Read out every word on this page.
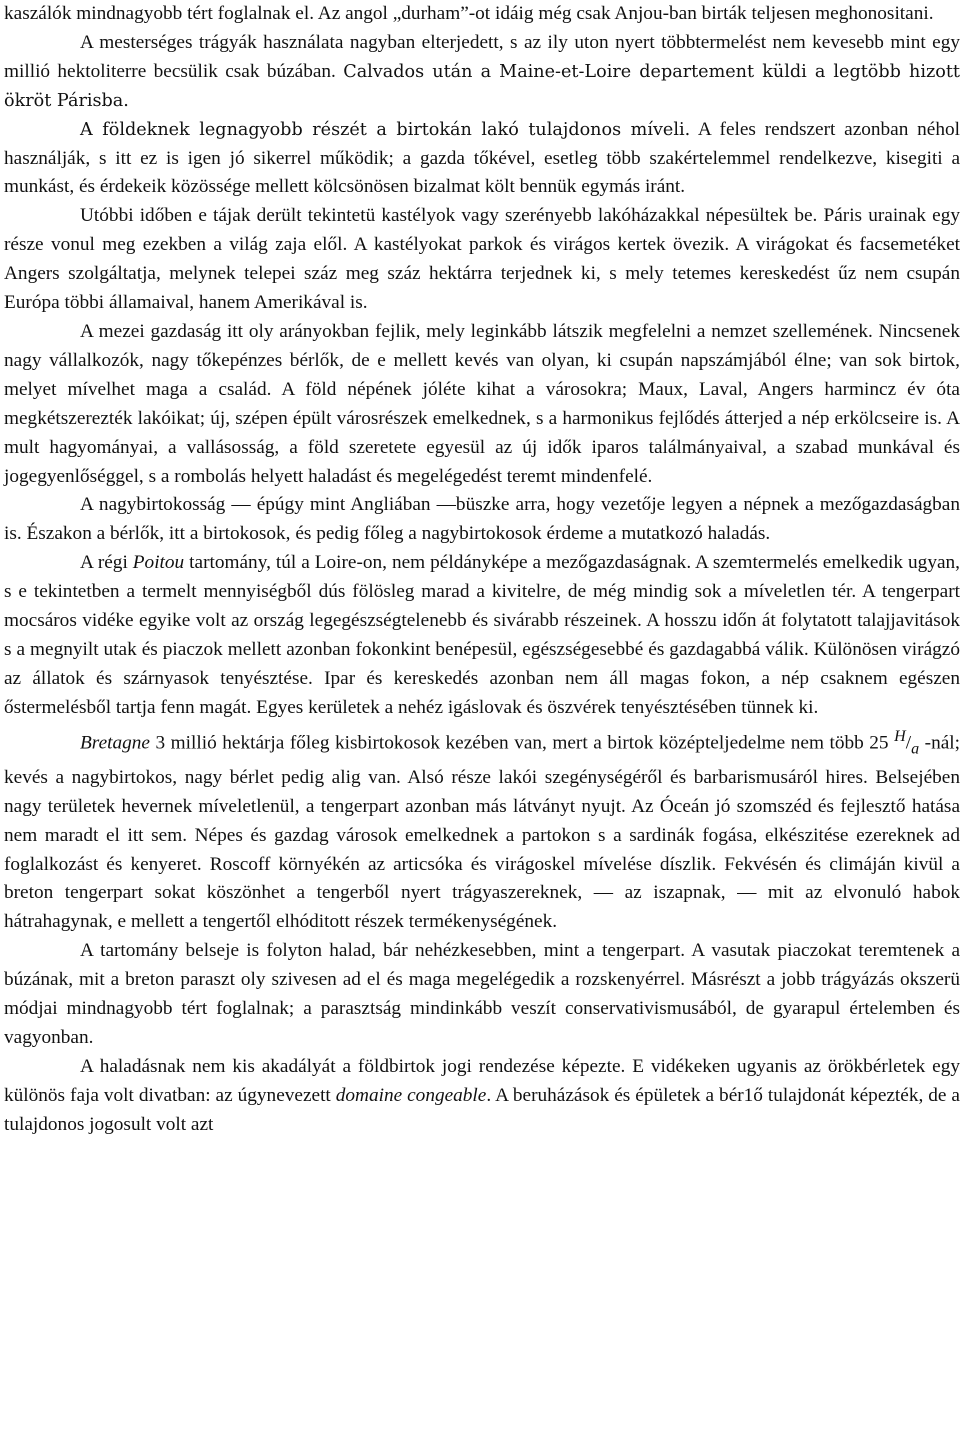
kaszálók mindnagyobb tért foglalnak el. Az angol „durham”-ot idáig még csak Anjou-ban birták teljesen meghonositani.

A mesterséges trágyák használata nagyban elterjedett, s az ily uton nyert többtermelést nem kevesebb mint egy millió hektoliterre becsülik csak búzában. Calvados után a Maine-et-Loire departement küldi a legtöbb hizott ökröt Párisba.

A földeknek legnagyobb részét a birtokán lakó tulajdonos míveli. A feles rendszert azonban néhol használják, s itt ez is igen jó sikerrel működik; a gazda tőkével, esetleg több szakértelemmel rendelkezve, kisegiti a munkást, és érdekeik közössége mellett kölcsönösen bizalmat költ bennük egymás iránt.

Utóbbi időben e tájak derült tekintetü kastélyok vagy szerényebb lakóházakkal népesültek be. Páris urainak egy része vonul meg ezekben a világ zaja elől. A kastélyokat parkok és virágos kertek övezik. A virágokat és facsemetéket Angers szolgáltatja, melynek telepei száz meg száz hektárra terjednek ki, s mely tetemes kereskedést űz nem csupán Európa többi államaival, hanem Amerikával is.

A mezei gazdaság itt oly arányokban fejlik, mely leginkább látszik megfelelni a nemzet szellemének. Nincsenek nagy vállalkozók, nagy tőkepénzes bérlők, de e mellett kevés van olyan, ki csupán napszámjából élne; van sok birtok, melyet mívelhet maga a család. A föld népének jóléte kihat a városokra; Maux, Laval, Angers harmincz év óta megkétszerezték lakóikat; új, szépen épült városrészek emelkednek, s a harmonikus fejlődés átterjed a nép erkölcseire is. A mult hagyományai, a vallásosság, a föld szeretete egyesül az új idők iparos találmányaival, a szabad munkával és jogegyenlőséggel, s a rombolás helyett haladást és megelégedést teremt mindenfelé.

A nagybirtokosság — épúgy mint Angliában —büszke arra, hogy vezetője legyen a népnek a mezőgazdaságban is. Északon a bérlők, itt a birtokosok, és pedig főleg a nagybirtokosok érdeme a mutatkozó haladás.

A régi Poitou tartomány, túl a Loire-on, nem példányképe a mezőgazdaságnak. A szemtermelés emelkedik ugyan, s e tekintetben a termelt mennyiségből dús fölösleg marad a kivitelre, de még mindig sok a míveletlen tér. A tengerpart mocsáros vidéke egyike volt az ország legegészségtelenebb és sivárabb részeinek. A hosszu időn át folytatott talajjavitások s a megnyilt utak és piaczok mellett azonban fokonkint benépesül, egészségesebbé és gazdagabbá válik. Különösen virágzó az állatok és szárnyasok tenyésztése. Ipar és kereskedés azonban nem áll magas fokon, a nép csaknem egészen őstermelésből tartja fenn magát. Egyes kerületek a nehéz igáslovak és öszvérek tenyésztésében tünnek ki.

Bretagne 3 millió hektárja főleg kisbirtokosok kezében van, mert a birtok középteljedelme nem több 25 $^H/_a$ -nál; kevés a nagybirtokos, nagy bérlet pedig alig van. Alsó része lakói szegénységéről és barbarismusáról hires. Belsejében nagy területek hevernek míveletlenül, a tengerpart azonban más látványt nyujt. Az Óceán jó szomszéd és fejlesztő hatása nem maradt el itt sem. Népes és gazdag városok emelkednek a partokon s a sardinák fogása, elkészitése ezereknek ad foglalkozást és kenyeret. Roscoff környékén az articsóka és virágoskel mívelése díszlik. Fekvésén és climáján kivül a breton tengerpart sokat köszönhet a tengerből nyert trágyaszereknek, — az iszapnak, — mit az elvonuló habok hátrahagynak, e mellett a tengertől elhóditott részek termékenységének.

A tartomány belseje is folyton halad, bár nehézkesebben, mint a tengerpart. A vasutak piaczokat teremtenek a búzának, mit a breton paraszt oly szivesen ad el és maga megelégedik a rozskenyérrel. Másrészt a jobb trágyázás okszerü módjai mindnagyobb tért foglalnak; a parasztság mindinkább veszít conservativismusából, de gyarapul értelemben és vagyonban.

A haladásnak nem kis akadályát a földbirtok jogi rendezése képezte. E vidékeken ugyanis az örökbérletek egy különös faja volt divatban: az úgynevezett domaine congeable. A beruházások és épületek a bér1ő tulajdonát képezték, de a tulajdonos jogosult volt azt
